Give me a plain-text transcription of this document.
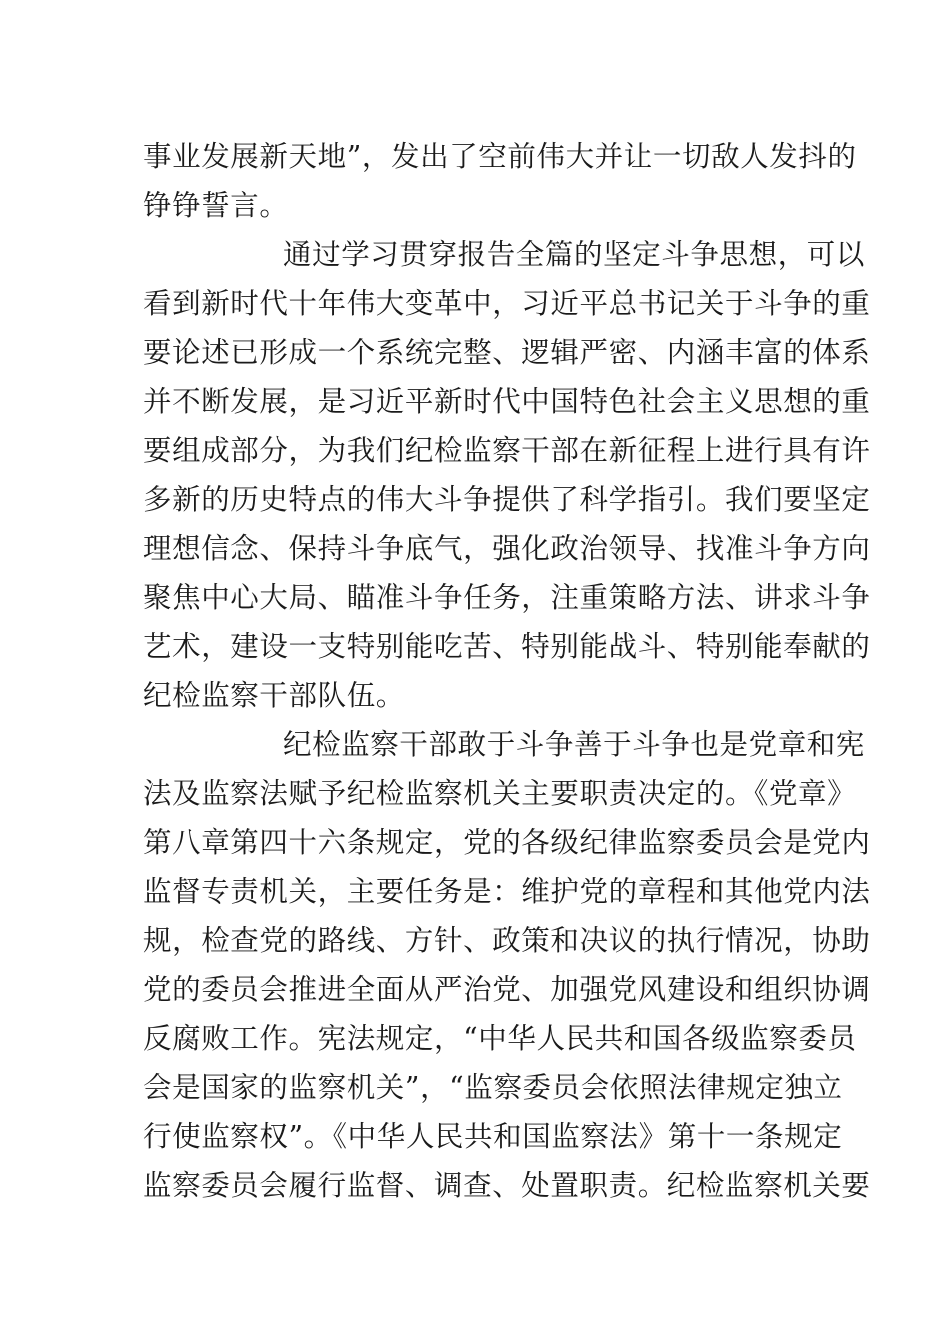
事业发展新天地”，发出了空前伟大并让一切敌人发抖的
铮铮誓言。
通过学习贯穿报告全篇的坚定斗争思想，可以
看到新时代十年伟大变革中，习近平总书记关于斗争的重
要论述已形成一个系统完整、逻辑严密、内涵丰富的体系
并不断发展，是习近平新时代中国特色社会主义思想的重
要组成部分，为我们纪检监察干部在新征程上进行具有许
多新的历史特点的伟大斗争提供了科学指引。我们要坚定
理想信念、保持斗争底气，强化政治领导、找准斗争方向
聚焦中心大局、瞄准斗争任务，注重策略方法、讲求斗争
艺术，建设一支特别能吃苦、特别能战斗、特别能奉献的
纪检监察干部队伍。
纪检监察干部敢于斗争善于斗争也是党章和宪
法及监察法赋予纪检监察机关主要职责决定的。《党章》
第八章第四十六条规定，党的各级纪律监察委员会是党内
监督专责机关，主要任务是：维护党的章程和其他党内法
规，检查党的路线、方针、政策和决议的执行情况，协助
党的委员会推进全面从严治党、加强党风建设和组织协调
反腐败工作。宪法规定，“中华人民共和国各级监察委员
会是国家的监察机关”，“监察委员会依照法律规定独立
行使监察权”。《中华人民共和国监察法》第十一条规定
监察委员会履行监督、调查、处置职责。纪检监察机关要
